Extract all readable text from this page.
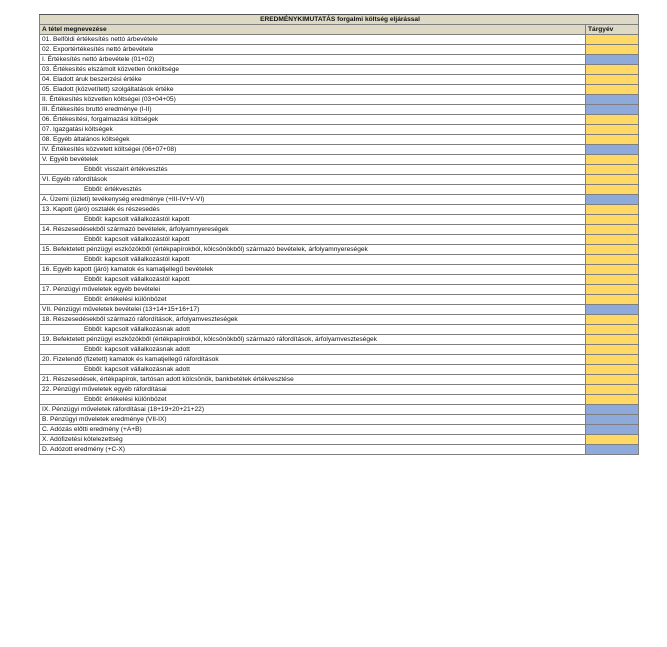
EREDMÉNYKIMUTATÁS forgalmi költség eljárással	
A tétel megnevezése	Tárgyév
01. Belföldi értékesítés nettó árbevétele	
02. Exportértékesítés nettó árbevétele	
I. Értékesítés nettó árbevétele (01+02)	
03. Értékesítés elszámolt közvetlen önköltsége	
04. Eladott áruk beszerzési értéke	
05. Eladott (közvetített) szolgáltatások értéke	
II. Értékesítés közvetlen költségei (03+04+05)	
III. Értékesítés bruttó eredménye (I-II)	
06. Értékesítési, forgalmazási költségek	
07. Igazgatási költségek	
08. Egyéb általános költségek	
IV. Értékesítés közvetett költségei (06+07+08)	
V. Egyéb bevételek	
Ebből: visszaírt értékvesztés	
VI. Egyéb ráfordítások	
Ebből: értékvesztés	
A. Üzemi (üzleti) tevékenység eredménye (+III-IV+V-VI)	
13. Kapott (járó) osztalék és részesedés	
Ebből: kapcsolt vállalkozástól kapott	
14. Részesedésekből származó bevételek, árfolyamnyereségek	
Ebből: kapcsolt vállalkozástól kapott	
15. Befektetett pénzügyi eszközökből (értékpapírokból, kölcsönökből) származó bevételek, árfolyamnyereségek	
Ebből: kapcsolt vállalkozástól kapott	
16. Egyéb kapott (járó) kamatok és kamatjellegű bevételek	
Ebből: kapcsolt vállalkozástól kapott	
17. Pénzügyi műveletek egyéb bevételei	
Ebből: értékelési különbözet	
VII. Pénzügyi műveletek bevételei (13+14+15+16+17)	
18. Részesedésekből származó ráfordítások, árfolyamveszteségek	
Ebből: kapcsolt vállalkozásnak adott	
19. Befektetett pénzügyi eszközökből (értékpapírokból, kölcsönökből) származó ráfordítások, árfolyamveszteségek	
Ebből: kapcsolt vállalkozásnak adott	
20. Fizetendő (fizetett) kamatok és kamatjellegű ráfordítások	
Ebből: kapcsolt vállalkozásnak adott	
21. Részesedések, értékpapírok, tartósan adott kölcsönök, bankbetétek értékvesztése	
22. Pénzügyi műveletek egyéb ráfordításai	
Ebből: értékelési különbözet	
IX. Pénzügyi műveletek ráfordításai (18+19+20+21+22)	
B. Pénzügyi műveletek eredménye (VII-IX)	
C. Adózás előtti eredmény (+A+B)	
X. Adófizetési kötelezettség	
D. Adózott eredmény (+C-X)	
